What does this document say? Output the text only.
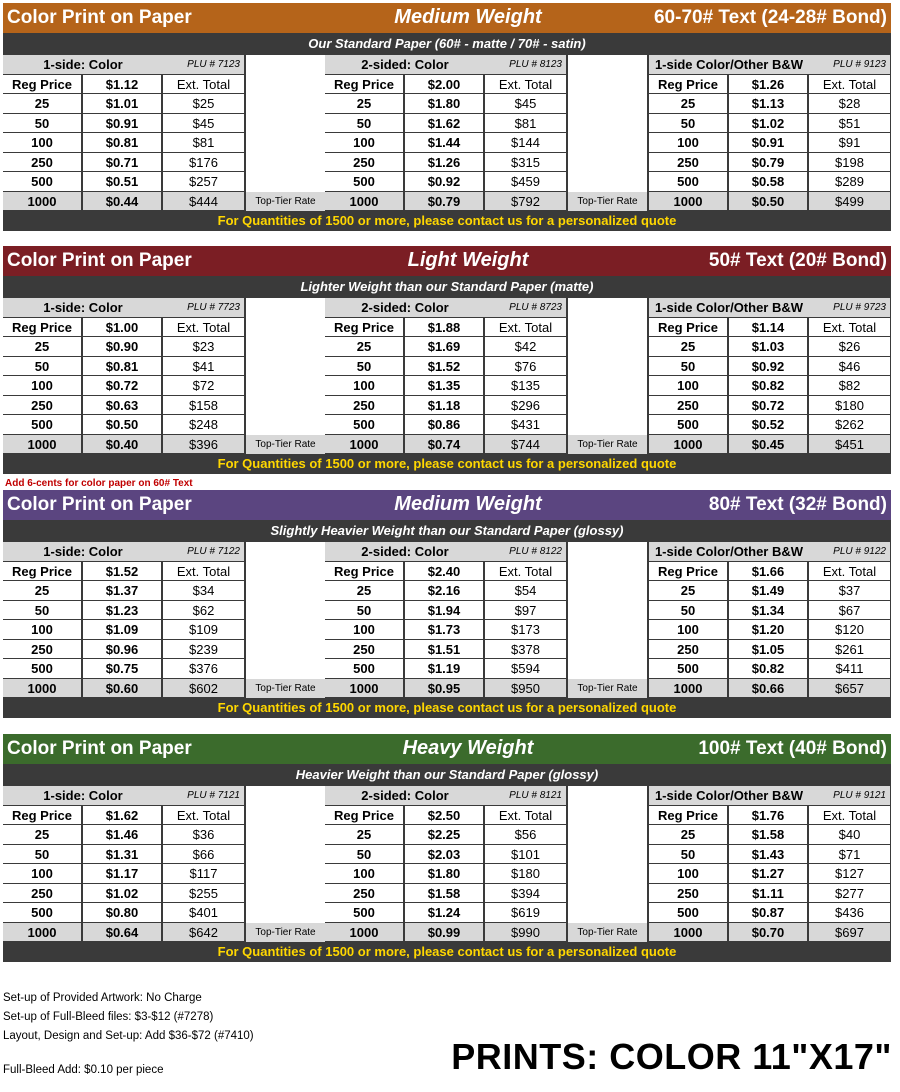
Color Print on Paper	Medium Weight	60-70# Text (24-28# Bond)
Our Standard Paper (60# - matte / 70# - satin)
1-side: Color	PLU # 7123
Reg Price	$1.12	Ext. Total
25	$1.01	$25
50	$0.91	$45
100	$0.81	$81
250	$0.71	$176
500	$0.51	$257
1000	$0.44	$444
2-sided: Color	PLU # 8123
Reg Price	$2.00	Ext. Total
25	$1.80	$45
50	$1.62	$81
100	$1.44	$144
250	$1.26	$315
500	$0.92	$459
1000	$0.79	$792
1-side Color/Other B&W	PLU # 9123
Reg Price	$1.26	Ext. Total
25	$1.13	$28
50	$1.02	$51
100	$0.91	$91
250	$0.79	$198
500	$0.58	$289
1000	$0.50	$499
Top-Tier Rate	Top-Tier Rate
For Quantities of 1500 or more, please contact us for a personalized quote
Color Print on Paper	Light Weight	50# Text (20# Bond)
Lighter Weight than our Standard Paper (matte)
1-side: Color	PLU # 7723
Reg Price	$1.00	Ext. Total
25	$0.90	$23
50	$0.81	$41
100	$0.72	$72
250	$0.63	$158
500	$0.50	$248
1000	$0.40	$396
2-sided: Color	PLU # 8723
Reg Price	$1.88	Ext. Total
25	$1.69	$42
50	$1.52	$76
100	$1.35	$135
250	$1.18	$296
500	$0.86	$431
1000	$0.74	$744
1-side Color/Other B&W	PLU # 9723
Reg Price	$1.14	Ext. Total
25	$1.03	$26
50	$0.92	$46
100	$0.82	$82
250	$0.72	$180
500	$0.52	$262
1000	$0.45	$451
Top-Tier Rate	Top-Tier Rate
For Quantities of 1500 or more, please contact us for a personalized quote
Color Print on Paper	Medium Weight	80# Text (32# Bond)
Slightly Heavier Weight than our Standard Paper (glossy)
1-side: Color	PLU # 7122
Reg Price	$1.52	Ext. Total
25	$1.37	$34
50	$1.23	$62
100	$1.09	$109
250	$0.96	$239
500	$0.75	$376
1000	$0.60	$602
2-sided: Color	PLU # 8122
Reg Price	$2.40	Ext. Total
25	$2.16	$54
50	$1.94	$97
100	$1.73	$173
250	$1.51	$378
500	$1.19	$594
1000	$0.95	$950
1-side Color/Other B&W	PLU # 9122
Reg Price	$1.66	Ext. Total
25	$1.49	$37
50	$1.34	$67
100	$1.20	$120
250	$1.05	$261
500	$0.82	$411
1000	$0.66	$657
Top-Tier Rate	Top-Tier Rate
For Quantities of 1500 or more, please contact us for a personalized quote
Color Print on Paper	Heavy Weight	100# Text (40# Bond)
Heavier Weight than our Standard Paper (glossy)
1-side: Color	PLU # 7121
Reg Price	$1.62	Ext. Total
25	$1.46	$36
50	$1.31	$66
100	$1.17	$117
250	$1.02	$255
500	$0.80	$401
1000	$0.64	$642
2-sided: Color	PLU # 8121
Reg Price	$2.50	Ext. Total
25	$2.25	$56
50	$2.03	$101
100	$1.80	$180
250	$1.58	$394
500	$1.24	$619
1000	$0.99	$990
1-side Color/Other B&W	PLU # 9121
Reg Price	$1.76	Ext. Total
25	$1.58	$40
50	$1.43	$71
100	$1.27	$127
250	$1.11	$277
500	$0.87	$436
1000	$0.70	$697
Top-Tier Rate	Top-Tier Rate
For Quantities of 1500 or more, please contact us for a personalized quote
Add 6-cents for color paper on 60# Text
Set-up of Provided Artwork: No Charge
Set-up of Full-Bleed files: $3-$12 (#7278)
Layout, Design and Set-up: Add $36-$72 (#7410)
Full-Bleed Add: $0.10 per piece	PRINTS: COLOR 11"X17"
